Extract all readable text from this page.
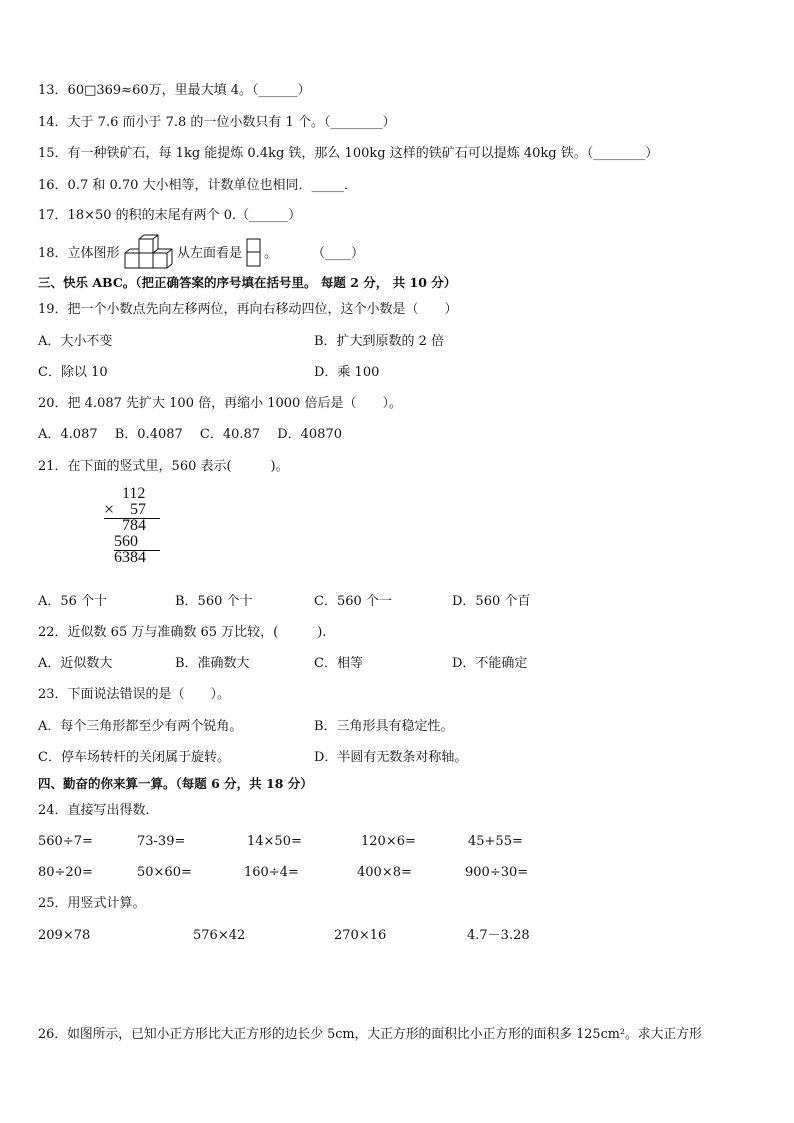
13．60□369≈60万，里最大填 4。（______）
14．大于 7.6 而小于 7.8 的一位小数只有 1 个。（________）
15．有一种铁矿石，每 1kg 能提炼 0.4kg 铁，那么 100kg 这样的铁矿石可以提炼 40kg 铁。（________）
16．0.7 和 0.70 大小相等，计数单位也相同．_____．
17．18×50 的积的末尾有两个 0.（______）
18．立体图形	从左面看是 。	（____）
三、快乐 ABC。（把正确答案的序号填在括号里。 每题 2 分， 共 10 分）
19．把一个小数点先向左移两位，再向右移动四位，这个小数是（　　）
A．大小不变	B．扩大到原数的 2 倍
C．除以 10	D．乘 100
20．把 4.087 先扩大 100 倍，再缩小 1000 倍后是（　　）。
A．4.087　 B．0.4087　 C．40.87　 D．40870
21．在下面的竖式里，560 表示(　　　)。
112
× 57
784
560
6384
A．56 个十	B．560 个十	C．560 个一	D．560 个百
22．近似数 65 万与准确数 65 万比较，(　　　).
A．近似数大	B．准确数大	C．相等	D．不能确定
23．下面说法错误的是（　　）。
A．每个三角形都至少有两个锐角。	B．三角形具有稳定性。
C．停车场转杆的关闭属于旋转。	D．半圆有无数条对称轴。
四、勤奋的你来算一算。（每题 6 分，共 18 分）
24．直接写出得数．
560÷7=	73-39=	14×50=	120×6=	45+55=
80÷20=	50×60=	160÷4=	400×8=	900÷30=
25．用竖式计算。
209×78	576×42	270×16	4.7－3.28
26．如图所示，已知小正方形比大正方形的边长少 5cm，大正方形的面积比小正方形的面积多 125cm²。求大正方形
